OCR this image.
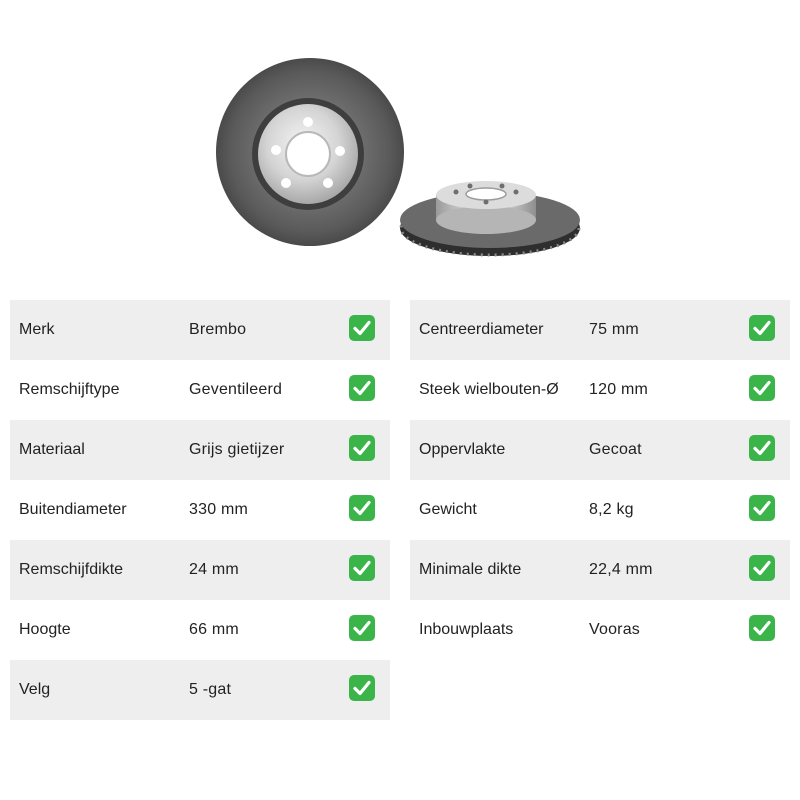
Merk	Brembo
Remschijftype	Geventileerd
Materiaal	Grijs gietijzer
Buitendiameter	330 mm
Remschijfdikte	24 mm
Hoogte	66 mm
Velg	5 -gat
Centreerdiameter	75 mm
Steek wielbouten-Ø 120 mm
Oppervlakte	Gecoat
Gewicht	8,2 kg
Minimale dikte	22,4 mm
Inbouwplaats	Vooras
